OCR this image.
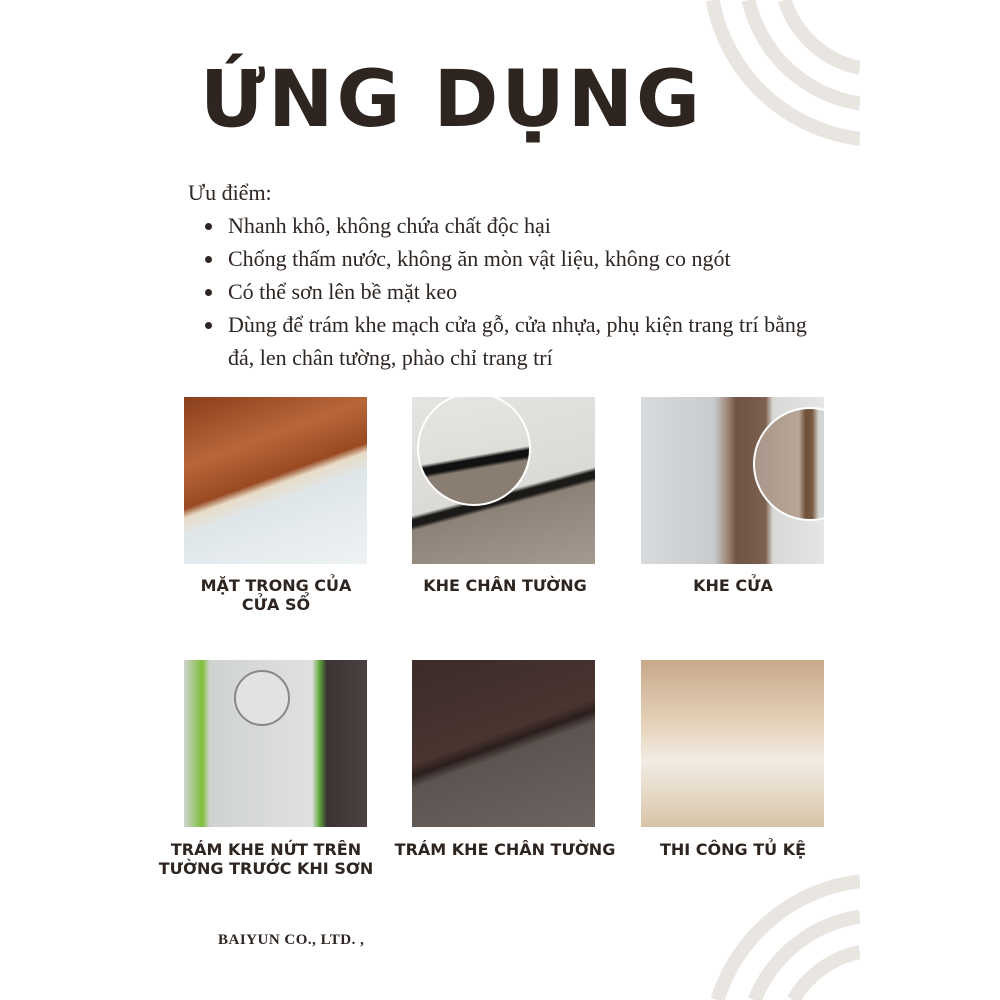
ỨNG DỤNG
Ưu điểm:
Nhanh khô, không chứa chất độc hại
Chống thấm nước, không ăn mòn vật liệu, không co ngót
Có thể sơn lên bề mặt keo
Dùng để trám khe mạch cửa gỗ, cửa nhựa, phụ kiện trang trí bằng đá, len chân tường, phào chỉ trang trí
MẶT TRONG CỦA CỬA SỔ
KHE CHÂN TƯỜNG	KHE CỬA
TRÁM KHE NỨT TRÊN TƯỜNG TRƯỚC KHI SƠN
TRÁM KHE CHÂN TƯỜNG	THI CÔNG TỦ KỆ
BAIYUN CO., LTD. ,
